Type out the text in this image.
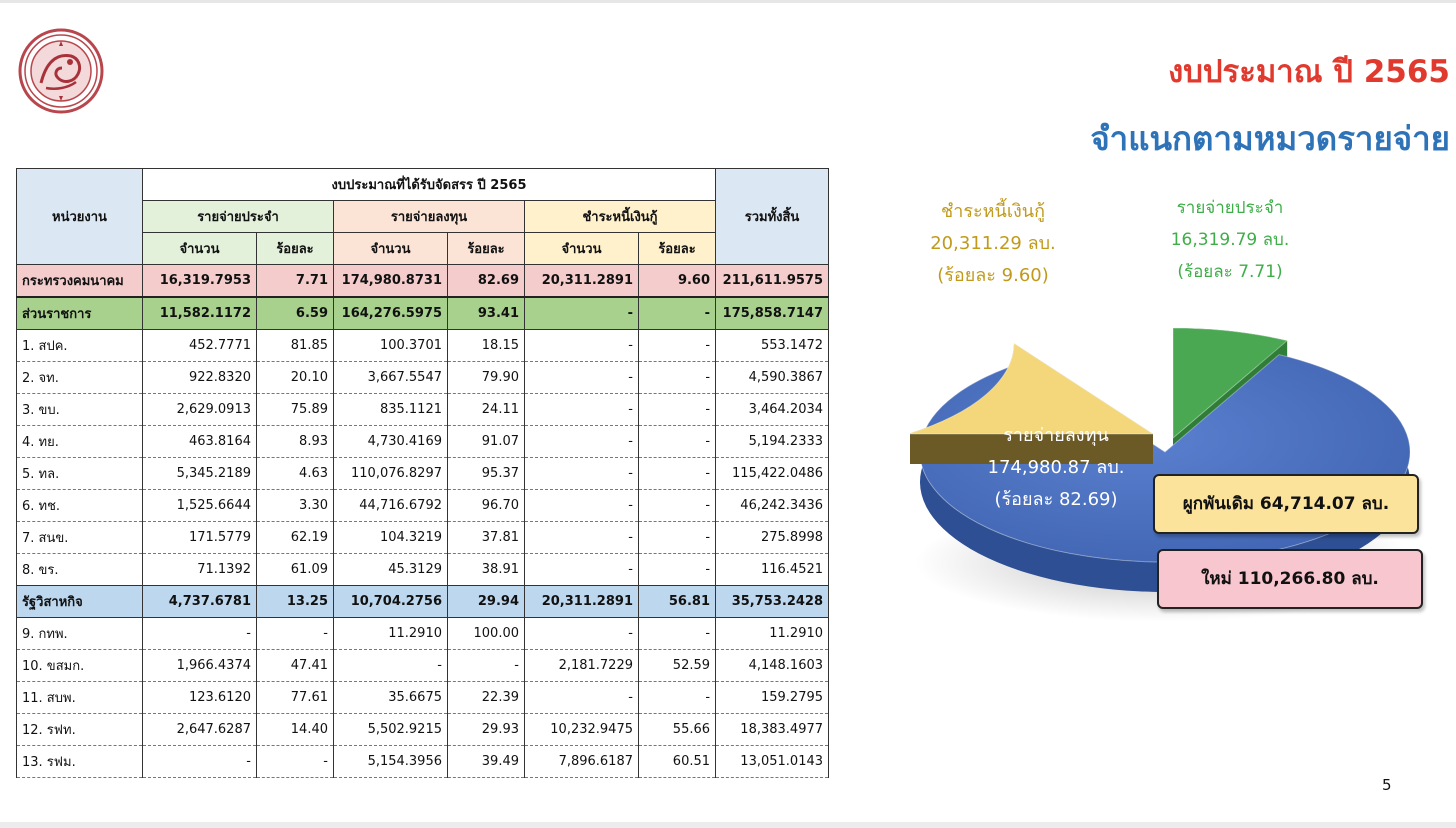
งบประมาณ ปี 2565
จำแนกตามหมวดรายจ่าย
หน่วยงาน	งบประมาณที่ได้รับจัดสรร ปี 2565						รวมทั้งสิ้น
	รายจ่ายประจำ		รายจ่ายลงทุน		ชำระหนี้เงินกู้		
	จำนวน	ร้อยละ	จำนวน	ร้อยละ	จำนวน	ร้อยละ	
กระทรวงคมนาคม	16,319.7953	7.71	174,980.8731	82.69	20,311.2891	9.60	211,611.9575
ส่วนราชการ	11,582.1172	6.59	164,276.5975	93.41	-	-	175,858.7147
1. สปค.	452.7771	81.85	100.3701	18.15	-	-	553.1472
2. จท.	922.8320	20.10	3,667.5547	79.90	-	-	4,590.3867
3. ขบ.	2,629.0913	75.89	835.1121	24.11	-	-	3,464.2034
4. ทย.	463.8164	8.93	4,730.4169	91.07	-	-	5,194.2333
5. ทล.	5,345.2189	4.63	110,076.8297	95.37	-	-	115,422.0486
6. ทช.	1,525.6644	3.30	44,716.6792	96.70	-	-	46,242.3436
7. สนข.	171.5779	62.19	104.3219	37.81	-	-	275.8998
8. ขร.	71.1392	61.09	45.3129	38.91	-	-	116.4521
รัฐวิสาหกิจ	4,737.6781	13.25	10,704.2756	29.94	20,311.2891	56.81	35,753.2428
9. กทพ.	-	-	11.2910	100.00	-	-	11.2910
10. ขสมก.	1,966.4374	47.41	-	-	2,181.7229	52.59	4,148.1603
11. สบพ.	123.6120	77.61	35.6675	22.39	-	-	159.2795
12. รฟท.	2,647.6287	14.40	5,502.9215	29.93	10,232.9475	55.66	18,383.4977
13. รฟม.	-	-	5,154.3956	39.49	7,896.6187	60.51	13,051.0143
ชำระหนี้เงินกู้
20,311.29 ลบ.
(ร้อยละ 9.60)
รายจ่ายประจำ
16,319.79 ลบ.
(ร้อยละ 7.71)
รายจ่ายลงทุน
174,980.87 ลบ.
(ร้อยละ 82.69)	ผูกพันเดิม 64,714.07 ลบ.
ใหม่ 110,266.80 ลบ.
5
